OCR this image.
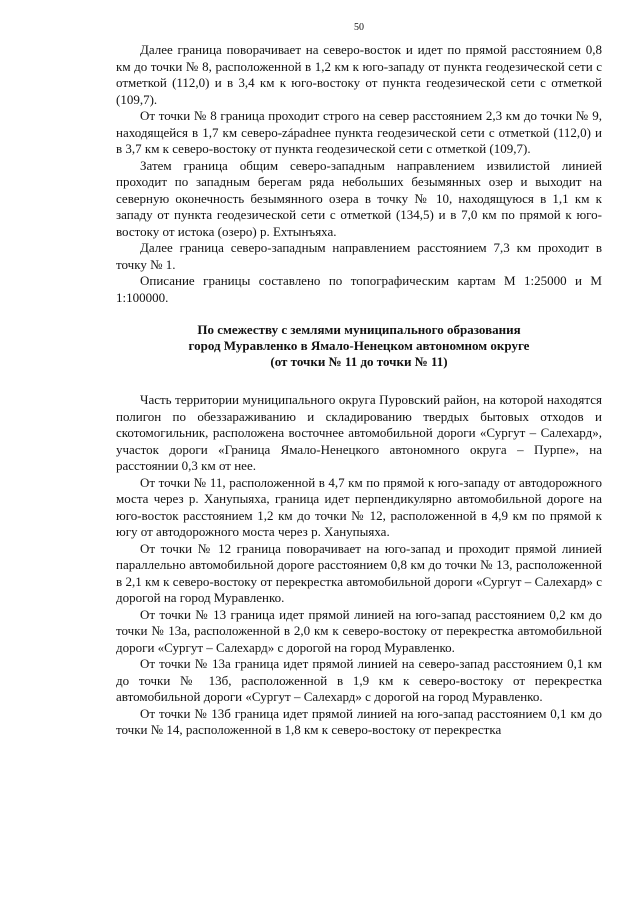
50

Далее граница поворачивает на северо-восток и идет по прямой расстоянием 0,8 км до точки № 8, расположенной в 1,2 км к юго-западу от пункта геодезической сети с отметкой (112,0) и в 3,4 км к юго-востоку от пункта геодезической сети с отметкой (109,7).

От точки № 8 граница проходит строго на север расстоянием 2,3 км до точки № 9, находящейся в 1,7 км северо-západнее пункта геодезической сети с отметкой (112,0) и в 3,7 км к северо-востоку от пункта геодезической сети с отметкой (109,7).

Затем граница общим северо-западным направлением извилистой линией проходит по западным берегам ряда небольших безымянных озер и выходит на северную оконечность безымянного озера в точку № 10, находящуюся в 1,1 км к западу от пункта геодезической сети с отметкой (134,5) и в 7,0 км по прямой к юго-востоку от истока (озеро) р. Ехтынъяха.

Далее граница северо-западным направлением расстоянием 7,3 км проходит в точку № 1.

Описание границы составлено по топографическим картам М 1:25000 и М 1:100000.

По смежеству с землями муниципального образования
город Муравленко в Ямало-Ненецком автономном округе
(от точки № 11 до точки № 11)

Часть территории муниципального округа Пуровский район, на которой находятся полигон по обеззараживанию и складированию твердых бытовых отходов и скотомогильник, расположена восточнее автомобильной дороги «Сургут – Салехард», участок дороги «Граница Ямало-Ненецкого автономного округа – Пурпе», на расстоянии 0,3 км от нее.

От точки № 11, расположенной в 4,7 км по прямой к юго-западу от автодорожного моста через р. Ханупыяха, граница идет перпендикулярно автомобильной дороге на юго-восток расстоянием 1,2 км до точки № 12, расположенной в 4,9 км по прямой к югу от автодорожного моста через р. Ханупыяха.

От точки № 12 граница поворачивает на юго-запад и проходит прямой линией параллельно автомобильной дороге расстоянием 0,8 км до точки № 13, расположенной в 2,1 км к северо-востоку от перекрестка автомобильной дороги «Сургут – Салехард» с дорогой на город Муравленко.

От точки № 13 граница идет прямой линией на юго-запад расстоянием 0,2 км до точки № 13а, расположенной в 2,0 км к северо-востоку от перекрестка автомобильной дороги «Сургут – Салехард» с дорогой на город Муравленко.

От точки № 13а граница идет прямой линией на северо-запад расстоянием 0,1 км до точки № 13б, расположенной в 1,9 км к северо-востоку от перекрестка автомобильной дороги «Сургут – Салехард» с дорогой на город Муравленко.

От точки № 13б граница идет прямой линией на юго-запад расстоянием 0,1 км до точки № 14, расположенной в 1,8 км к северо-востоку от перекрестка
